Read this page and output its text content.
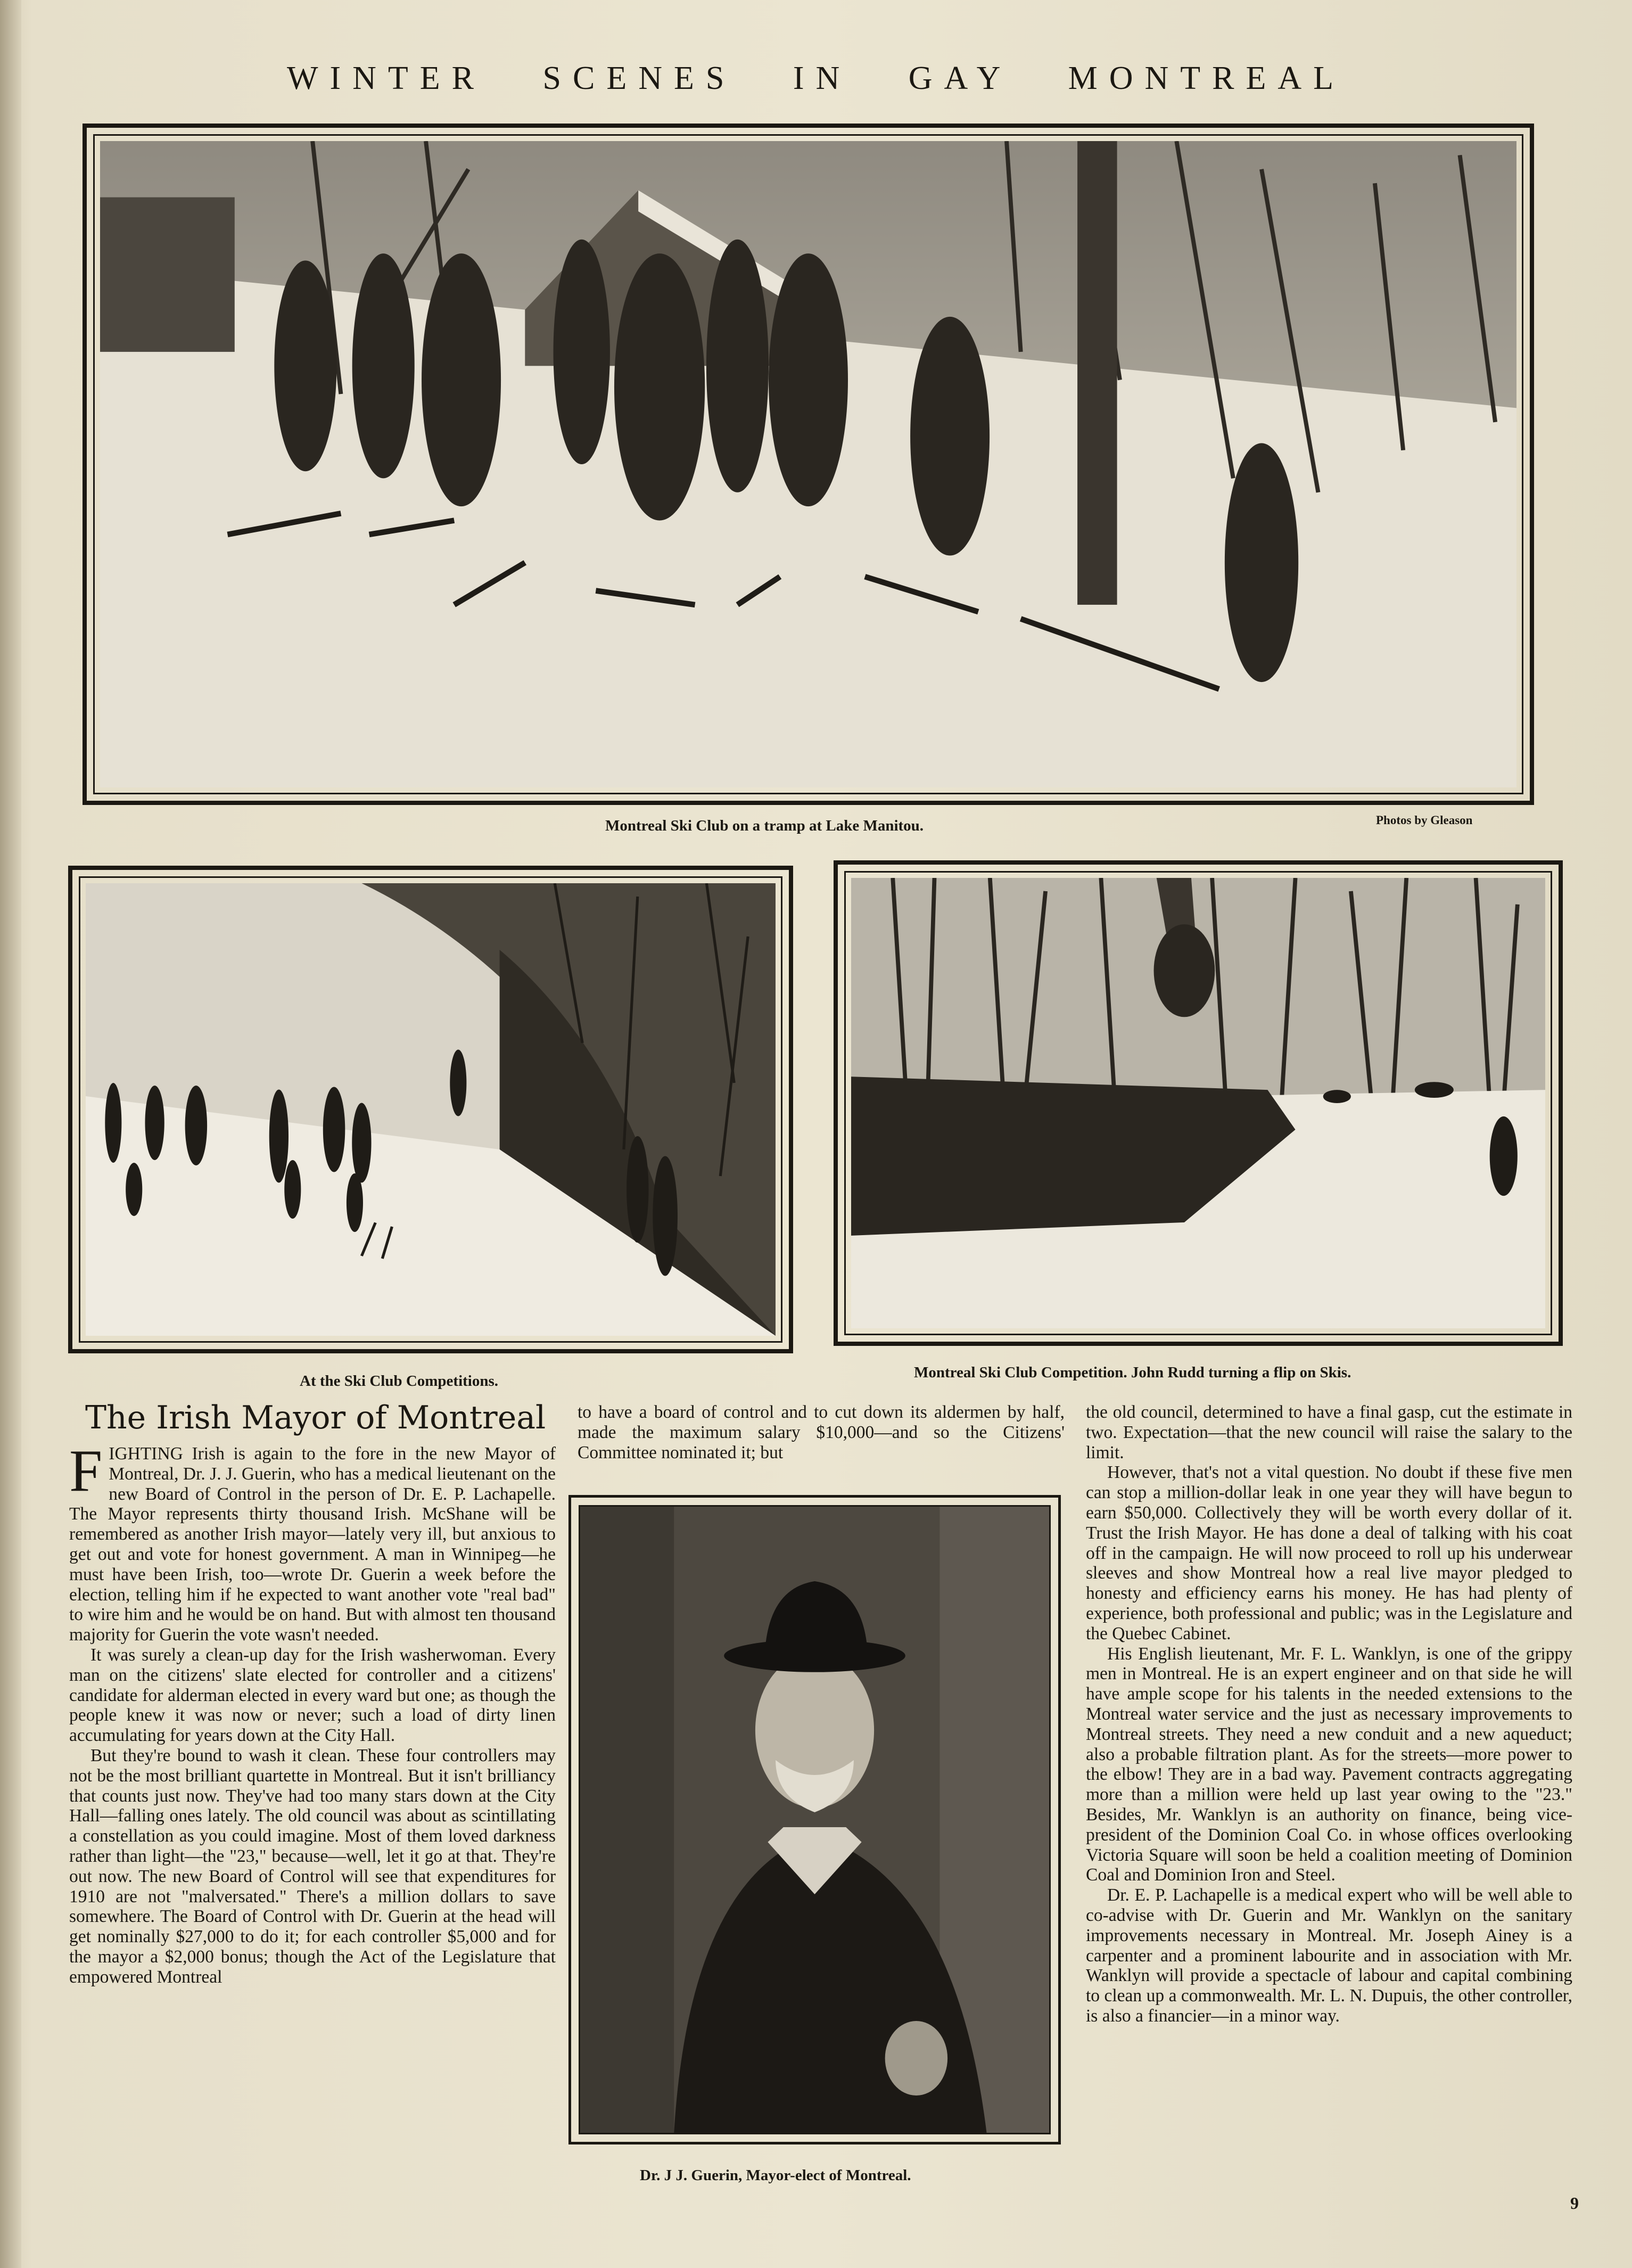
WINTER SCENES IN GAY MONTREAL
Montreal Ski Club on a tramp at Lake Manitou.	Photos by Gleason
At the Ski Club Competitions.	Montreal Ski Club Competition. John Rudd turning a flip on Skis.
The Irish Mayor of Montreal

FIGHTING Irish is again to the fore in the new Mayor of Montreal, Dr. J. J. Guerin, who has a medical lieutenant on the new Board of Control in the person of Dr. E. P. Lachapelle. The Mayor represents thirty thousand Irish. McShane will be remembered as another Irish mayor—lately very ill, but anxious to get out and vote for honest government. A man in Winnipeg—he must have been Irish, too—wrote Dr. Guerin a week before the election, telling him if he expected to want another vote "real bad" to wire him and he would be on hand. But with almost ten thousand majority for Guerin the vote wasn't needed.

It was surely a clean-up day for the Irish washerwoman. Every man on the citizens' slate elected for controller and a citizens' candidate for alderman elected in every ward but one; as though the people knew it was now or never; such a load of dirty linen accumulating for years down at the City Hall.

But they're bound to wash it clean. These four controllers may not be the most brilliant quartette in Montreal. But it isn't brilliancy that counts just now. They've had too many stars down at the City Hall—falling ones lately. The old council was about as scintillating a constellation as you could imagine. Most of them loved darkness rather than light—the "23," because—well, let it go at that. They're out now. The new Board of Control will see that expenditures for 1910 are not "malversated." There's a million dollars to save somewhere. The Board of Control with Dr. Guerin at the head will get nominally $27,000 to do it; for each controller $5,000 and for the mayor a $2,000 bonus; though the Act of the Legislature that empowered Montreal

to have a board of control and to cut down its aldermen by half, made the maximum salary $10,000—and so the Citizens' Committee nominated it; but

Dr. J J. Guerin, Mayor-elect of Montreal.

the old council, determined to have a final gasp, cut the estimate in two. Expectation—that the new council will raise the salary to the limit.

However, that's not a vital question. No doubt if these five men can stop a million-dollar leak in one year they will have begun to earn $50,000. Collectively they will be worth every dollar of it. Trust the Irish Mayor. He has done a deal of talking with his coat off in the campaign. He will now proceed to roll up his underwear sleeves and show Montreal how a real live mayor pledged to honesty and efficiency earns his money. He has had plenty of experience, both professional and public; was in the Legislature and the Quebec Cabinet.

His English lieutenant, Mr. F. L. Wanklyn, is one of the grippy men in Montreal. He is an expert engineer and on that side he will have ample scope for his talents in the needed extensions to the Montreal water service and the just as necessary improvements to Montreal streets. They need a new conduit and a new aqueduct; also a probable filtration plant. As for the streets—more power to the elbow! They are in a bad way. Pavement contracts aggregating more than a million were held up last year owing to the "23." Besides, Mr. Wanklyn is an authority on finance, being vice-president of the Dominion Coal Co. in whose offices overlooking Victoria Square will soon be held a coalition meeting of Dominion Coal and Dominion Iron and Steel.

Dr. E. P. Lachapelle is a medical expert who will be well able to co-advise with Dr. Guerin and Mr. Wanklyn on the sanitary improvements necessary in Montreal. Mr. Joseph Ainey is a carpenter and a prominent labourite and in association with Mr. Wanklyn will provide a spectacle of labour and capital combining to clean up a commonwealth. Mr. L. N. Dupuis, the other controller, is also a financier—in a minor way.

9
